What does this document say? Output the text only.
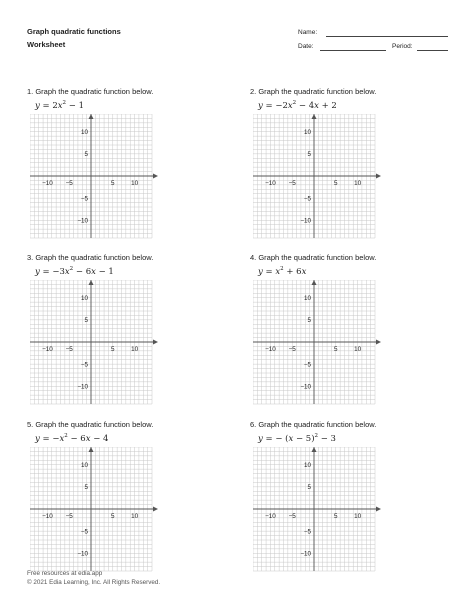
Graph quadratic functions
Worksheet
Name:
Date:	Period:
1. Graph the quadratic function below.
$y = 2x^2 - 1$
−10 −5	5	10
10
5
−5
−10
2. Graph the quadratic function below.
$y = -2x^2 - 4x + 2$
−10 −5	5	10
10
5
−5
−10
3. Graph the quadratic function below.
$y = -3x^2 - 6x - 1$
−10 −5	5	10
10
5
−5
−10
4. Graph the quadratic function below.
$y = x^2 + 6x$
−10 −5	5	10
10
5
−5
−10
5. Graph the quadratic function below.
$y = -x^2 - 6x - 4$
−10 −5	5	10
10
5
−5
−10
6. Graph the quadratic function below.
y = − $(x - 5)^2 - 3$
−10 −5	5	10
10
5
−5
−10
Free resources at edia.app
© 2021 Edia Learning, Inc. All Rights Reserved.
